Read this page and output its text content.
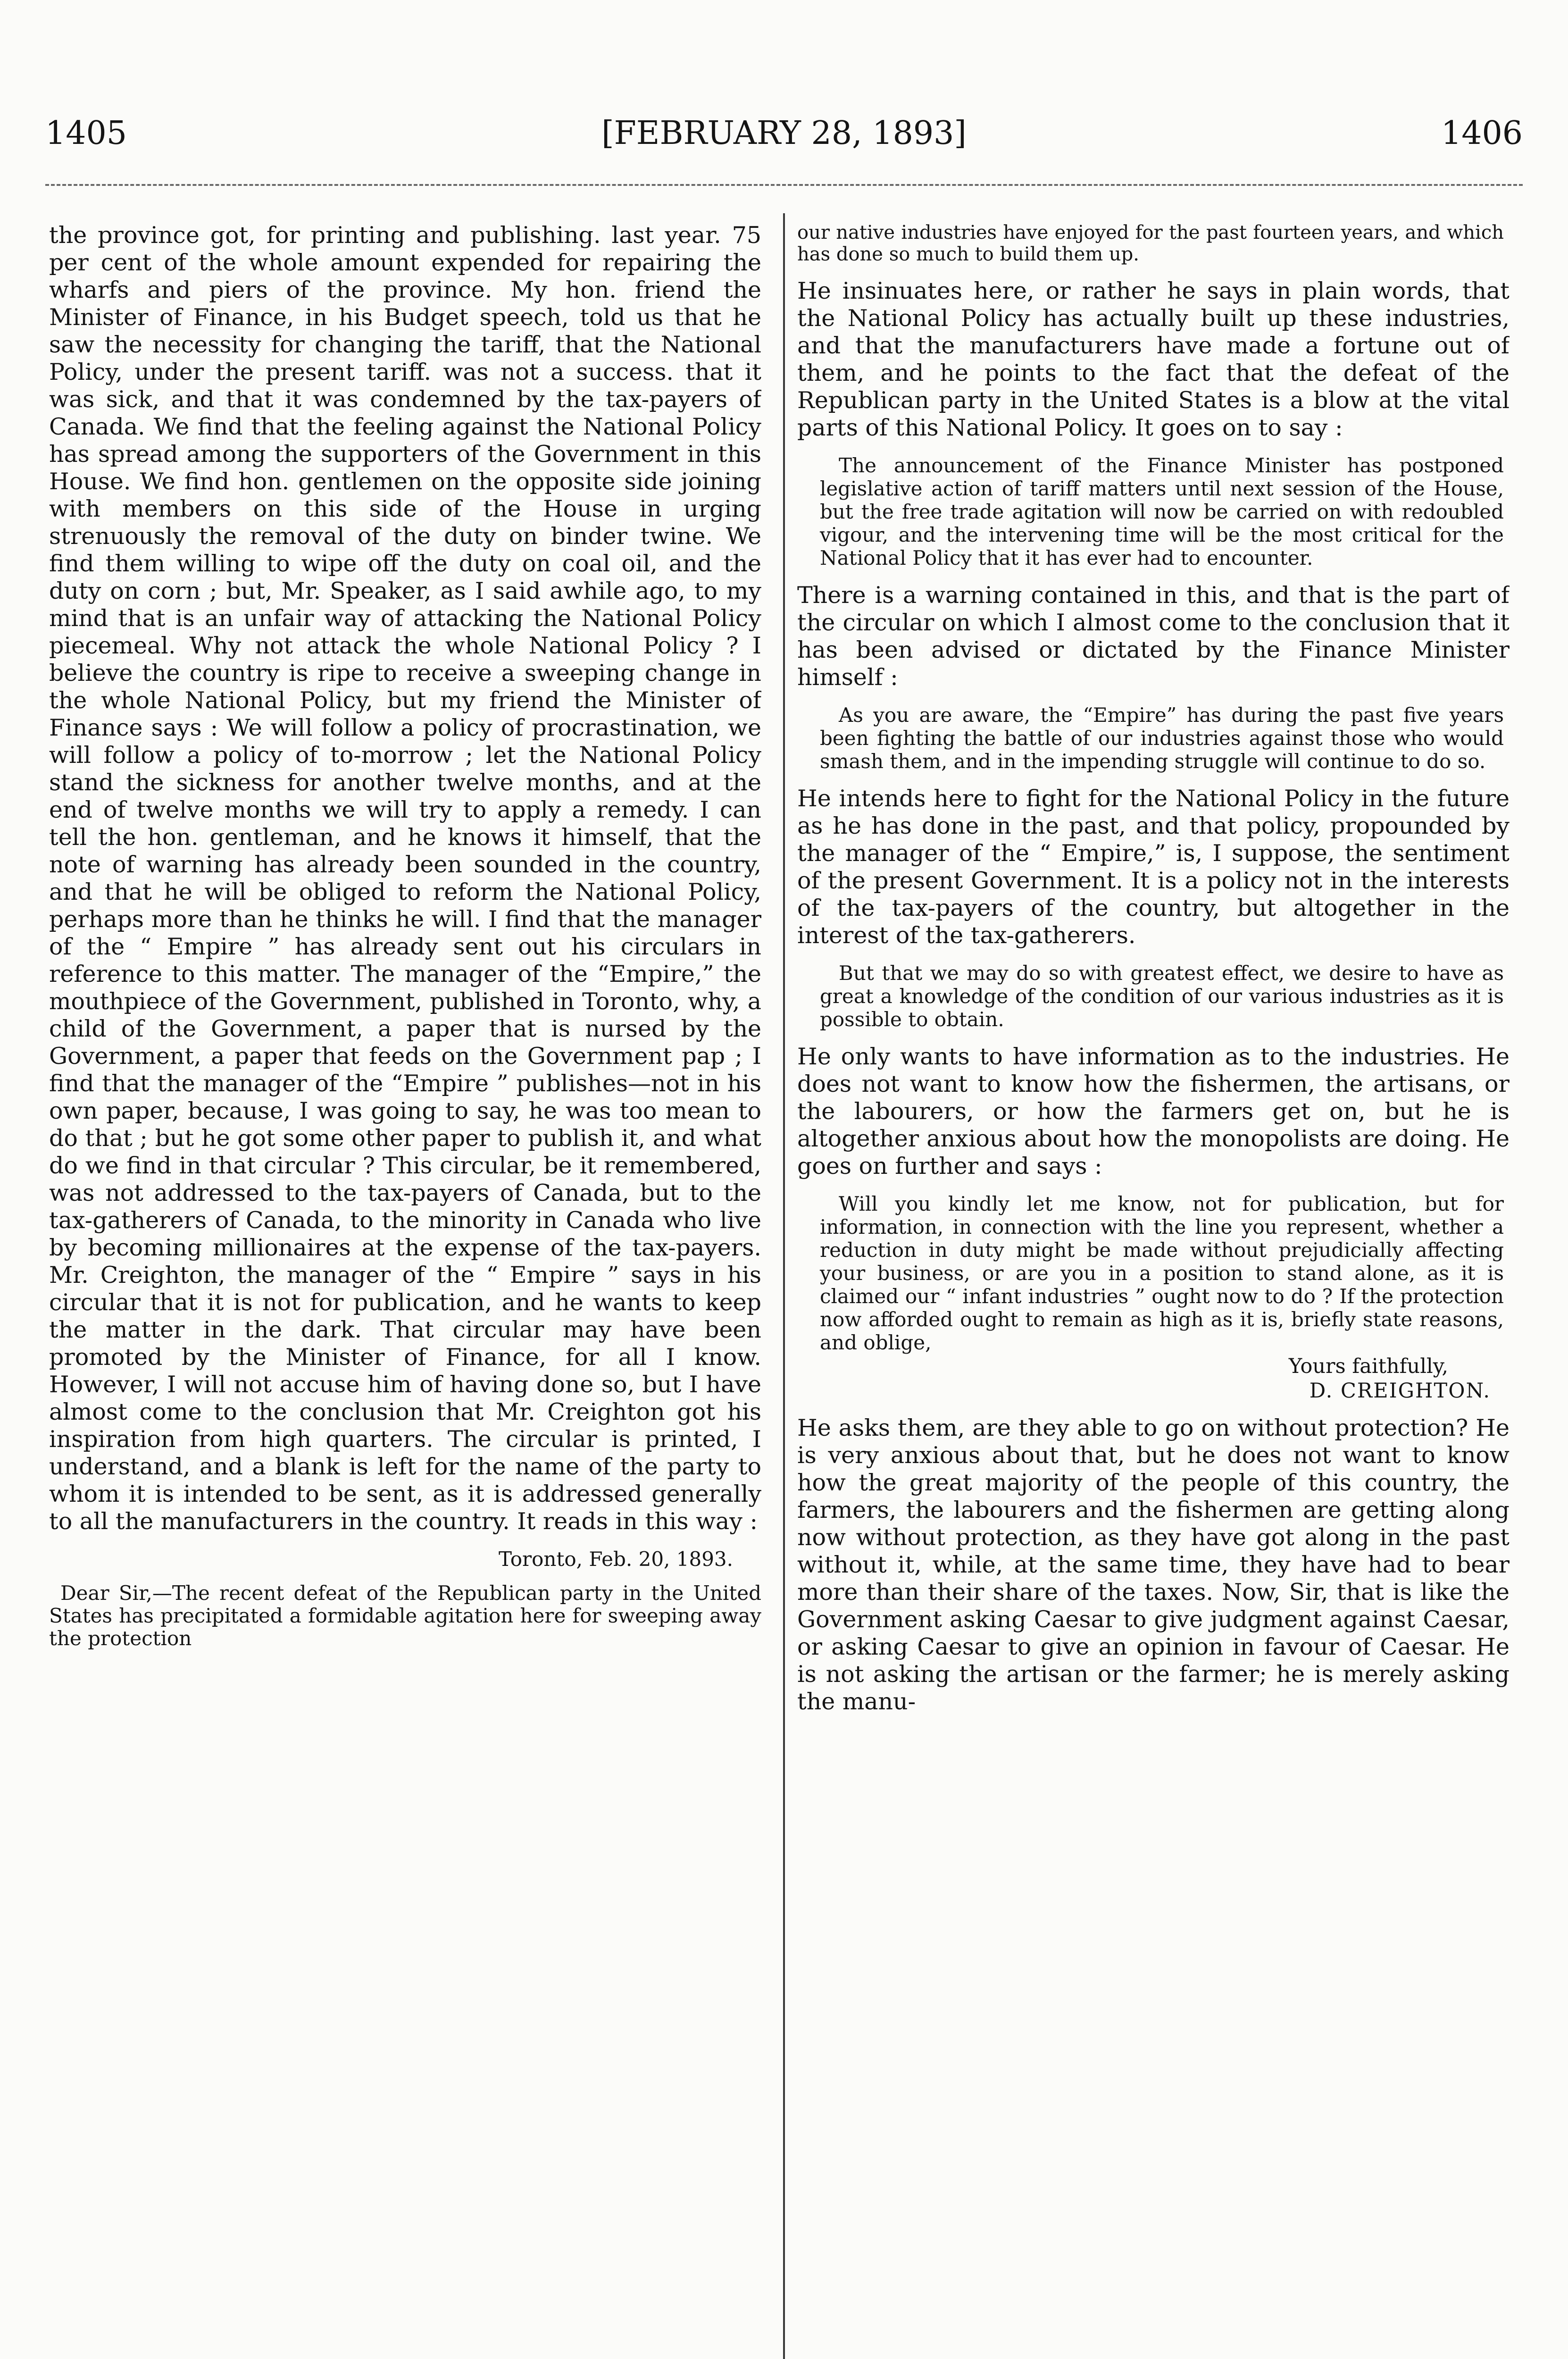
1405	[FEBRUARY 28, 1893]	1406

the province got, for printing and publishing. last year. 75 per cent of the whole amount expended for repairing the wharfs and piers of the province. My hon. friend the Minister of Finance, in his Budget speech, told us that he saw the necessity for changing the tariff, that the National Policy, under the present tariff. was not a success. that it was sick, and that it was condemned by the tax-payers of Canada. We find that the feeling against the National Policy has spread among the supporters of the Government in this House. We find hon. gentlemen on the opposite side joining with members on this side of the House in urging strenuously the removal of the duty on binder twine. We find them willing to wipe off the duty on coal oil, and the duty on corn ; but, Mr. Speaker, as I said awhile ago, to my mind that is an unfair way of attacking the National Policy piecemeal. Why not attack the whole National Policy ? I believe the country is ripe to receive a sweeping change in the whole National Policy, but my friend the Minister of Finance says : We will follow a policy of procrastination, we will follow a policy of to-morrow ; let the National Policy stand the sickness for another twelve months, and at the end of twelve months we will try to apply a remedy. I can tell the hon. gentleman, and he knows it himself, that the note of warning has already been sounded in the country, and that he will be obliged to reform the National Policy, perhaps more than he thinks he will. I find that the manager of the “ Empire ” has already sent out his circulars in reference to this matter. The manager of the “Empire,” the mouthpiece of the Government, published in Toronto, why, a child of the Government, a paper that is nursed by the Government, a paper that feeds on the Government pap ; I find that the manager of the “Empire ” publishes—not in his own paper, because, I was going to say, he was too mean to do that ; but he got some other paper to publish it, and what do we find in that circular ? This circular, be it remembered, was not addressed to the tax-payers of Canada, but to the tax-gatherers of Canada, to the minority in Canada who live by becoming millionaires at the expense of the tax-payers. Mr. Creighton, the manager of the “ Empire ” says in his circular that it is not for publication, and he wants to keep the matter in the dark. That circular may have been promoted by the Minister of Finance, for all I know. However, I will not accuse him of having done so, but I have almost come to the conclusion that Mr. Creighton got his inspiration from high quarters. The circular is printed, I understand, and a blank is left for the name of the party to whom it is intended to be sent, as it is addressed generally to all the manufacturers in the country. It reads in this way :

Toronto, Feb. 20, 1893.

Dear Sir,—The recent defeat of the Republican party in the United States has precipitated a formidable agitation here for sweeping away the protection

our native industries have enjoyed for the past fourteen years, and which has done so much to build them up.

He insinuates here, or rather he says in plain words, that the National Policy has actually built up these industries, and that the manufacturers have made a fortune out of them, and he points to the fact that the defeat of the Republican party in the United States is a blow at the vital parts of this National Policy. It goes on to say :

The announcement of the Finance Minister has postponed legislative action of tariff matters until next session of the House, but the free trade agitation will now be carried on with redoubled vigour, and the intervening time will be the most critical for the National Policy that it has ever had to encounter.

There is a warning contained in this, and that is the part of the circular on which I almost come to the conclusion that it has been advised or dictated by the Finance Minister himself :

As you are aware, the “Empire” has during the past five years been fighting the battle of our industries against those who would smash them, and in the impending struggle will continue to do so.

He intends here to fight for the National Policy in the future as he has done in the past, and that policy, propounded by the manager of the “ Empire,” is, I suppose, the sentiment of the present Government. It is a policy not in the interests of the tax-payers of the country, but altogether in the interest of the tax-gatherers.

But that we may do so with greatest effect, we desire to have as great a knowledge of the condition of our various industries as it is possible to obtain.

He only wants to have information as to the industries. He does not want to know how the fishermen, the artisans, or the labourers, or how the farmers get on, but he is altogether anxious about how the monopolists are doing. He goes on further and says :

Will you kindly let me know, not for publication, but for information, in connection with the line you represent, whether a reduction in duty might be made without prejudicially affecting your business, or are you in a position to stand alone, as it is claimed our “ infant industries ” ought now to do ? If the protection now afforded ought to remain as high as it is, briefly state reasons, and oblige,

Yours faithfully,

D. CREIGHTON.

He asks them, are they able to go on without protection? He is very anxious about that, but he does not want to know how the great majority of the people of this country, the farmers, the labourers and the fishermen are getting along now without protection, as they have got along in the past without it, while, at the same time, they have had to bear more than their share of the taxes. Now, Sir, that is like the Government asking Caesar to give judgment against Caesar, or asking Caesar to give an opinion in favour of Caesar. He is not asking the artisan or the farmer; he is merely asking the manu-
